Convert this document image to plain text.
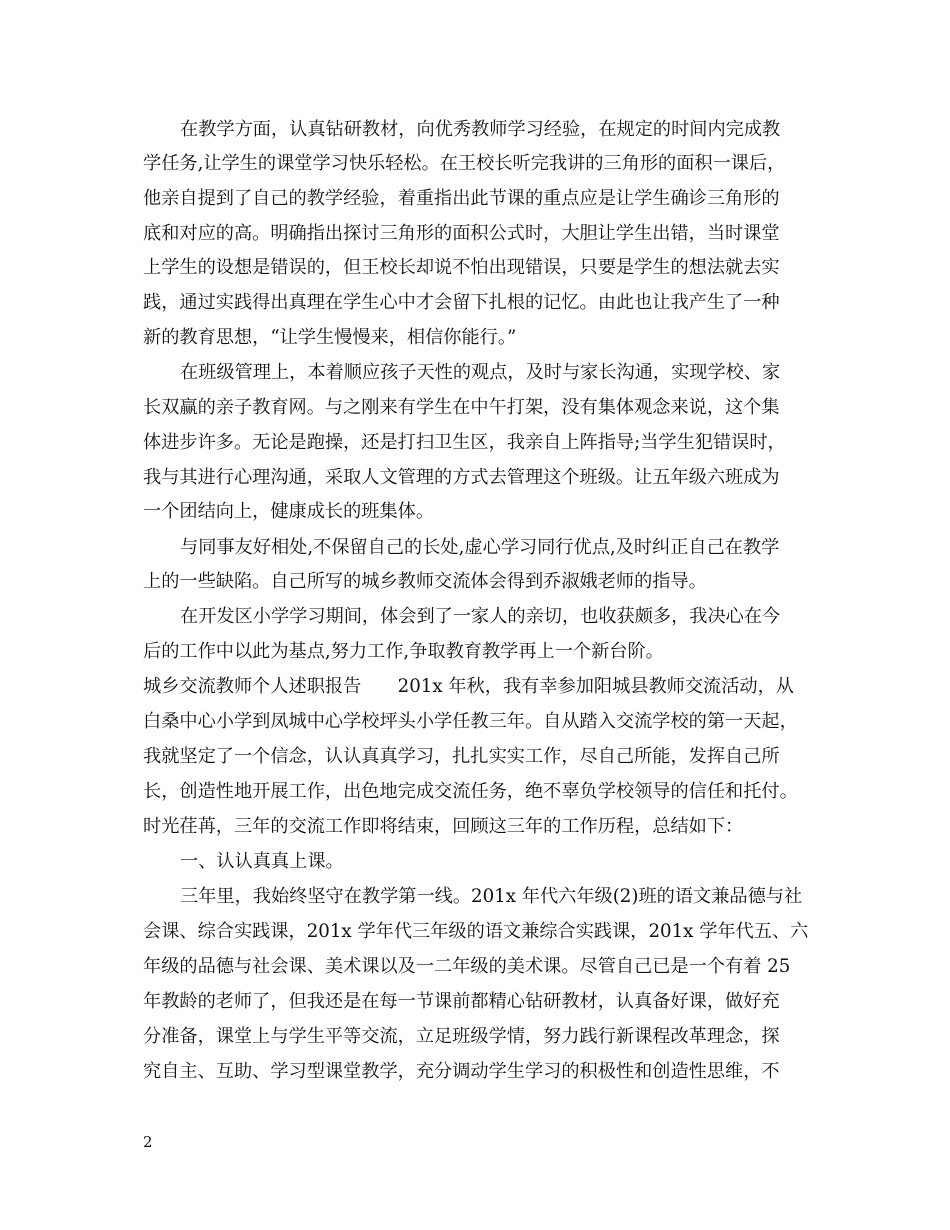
在教学方面，认真钻研教材，向优秀教师学习经验，在规定的时间内完成教
学任务,让学生的课堂学习快乐轻松。在王校长听完我讲的三角形的面积一课后，
他亲自提到了自己的教学经验，着重指出此节课的重点应是让学生确诊三角形的
底和对应的高。明确指出探讨三角形的面积公式时，大胆让学生出错，当时课堂
上学生的设想是错误的，但王校长却说不怕出现错误，只要是学生的想法就去实
践，通过实践得出真理在学生心中才会留下扎根的记忆。由此也让我产生了一种
新的教育思想，“让学生慢慢来，相信你能行。”
在班级管理上，本着顺应孩子天性的观点，及时与家长沟通，实现学校、家
长双赢的亲子教育网。与之刚来有学生在中午打架，没有集体观念来说，这个集
体进步许多。无论是跑操，还是打扫卫生区，我亲自上阵指导;当学生犯错误时，
我与其进行心理沟通，采取人文管理的方式去管理这个班级。让五年级六班成为
一个团结向上，健康成长的班集体。
与同事友好相处,不保留自己的长处,虚心学习同行优点,及时纠正自己在教学
上的一些缺陷。自己所写的城乡教师交流体会得到乔淑娥老师的指导。
在开发区小学学习期间，体会到了一家人的亲切，也收获颇多，我决心在今
后的工作中以此为基点,努力工作,争取教育教学再上一个新台阶。
城乡交流教师个人述职报告　　201x 年秋，我有幸参加阳城县教师交流活动，从
白桑中心小学到凤城中心学校坪头小学任教三年。自从踏入交流学校的第一天起，
我就坚定了一个信念，认认真真学习，扎扎实实工作，尽自己所能，发挥自己所
长，创造性地开展工作，出色地完成交流任务，绝不辜负学校领导的信任和托付。
时光荏苒，三年的交流工作即将结束，回顾这三年的工作历程，总结如下：
一、认认真真上课。
三年里，我始终坚守在教学第一线。201x 年代六年级(2)班的语文兼品德与社
会课、综合实践课，201x 学年代三年级的语文兼综合实践课，201x 学年代五、六
年级的品德与社会课、美术课以及一二年级的美术课。尽管自己已是一个有着 25
年教龄的老师了，但我还是在每一节课前都精心钻研教材，认真备好课，做好充
分准备，课堂上与学生平等交流，立足班级学情，努力践行新课程改革理念，探
究自主、互助、学习型课堂教学，充分调动学生学习的积极性和创造性思维，不
2
